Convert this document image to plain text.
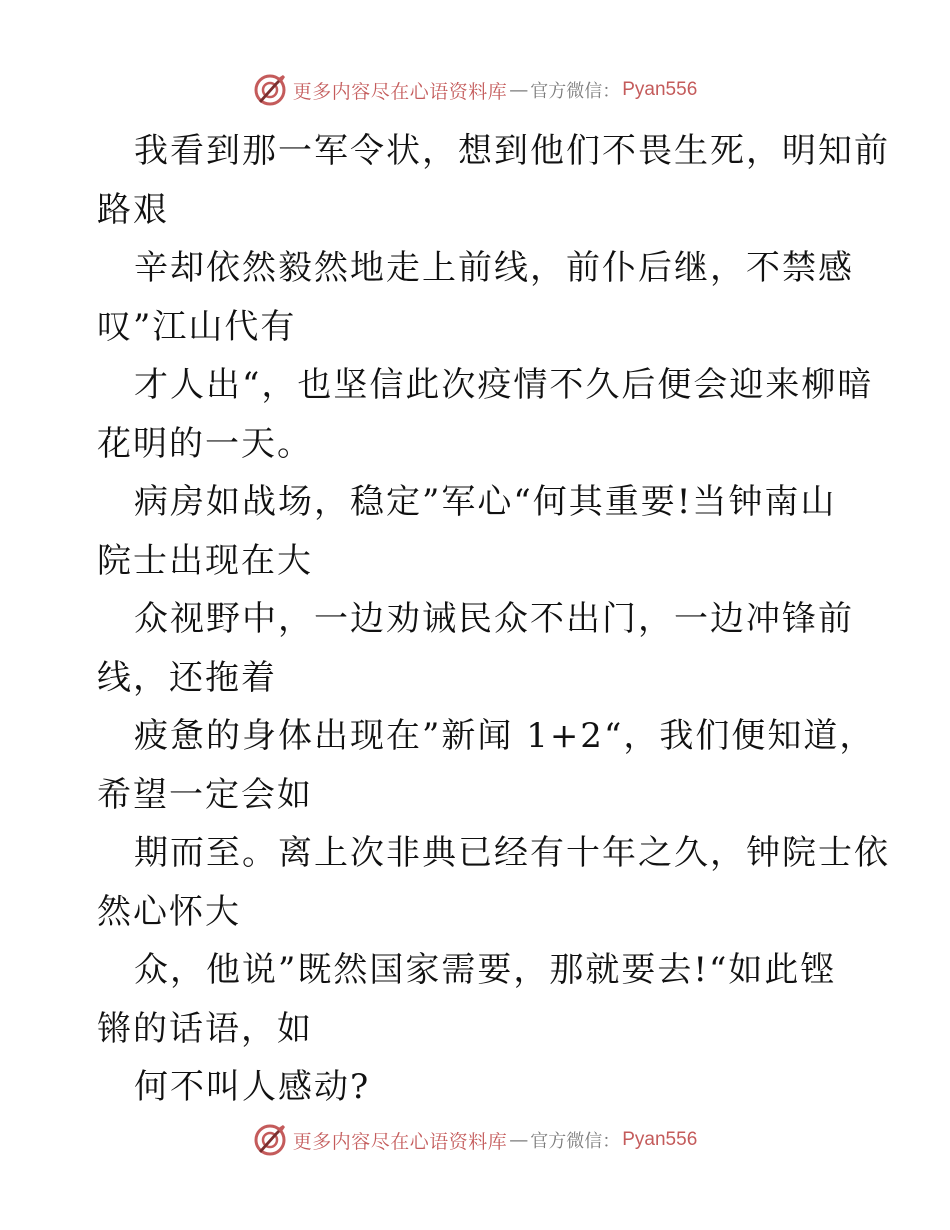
更多内容尽在心语资料库 — 官方微信： Pyan556
我看到那一军令状，想到他们不畏生死，明知前
路艰
辛却依然毅然地走上前线，前仆后继，不禁感
叹”江山代有
才人出“，也坚信此次疫情不久后便会迎来柳暗
花明的一天。
病房如战场，稳定”军心“何其重要!当钟南山
院士出现在大
众视野中，一边劝诫民众不出门，一边冲锋前
线，还拖着
疲惫的身体出现在”新闻 1+2“，我们便知道，
希望一定会如
期而至。离上次非典已经有十年之久，钟院士依
然心怀大
众，他说”既然国家需要，那就要去!“如此铿
锵的话语，如
何不叫人感动?
更多内容尽在心语资料库 — 官方微信： Pyan556
